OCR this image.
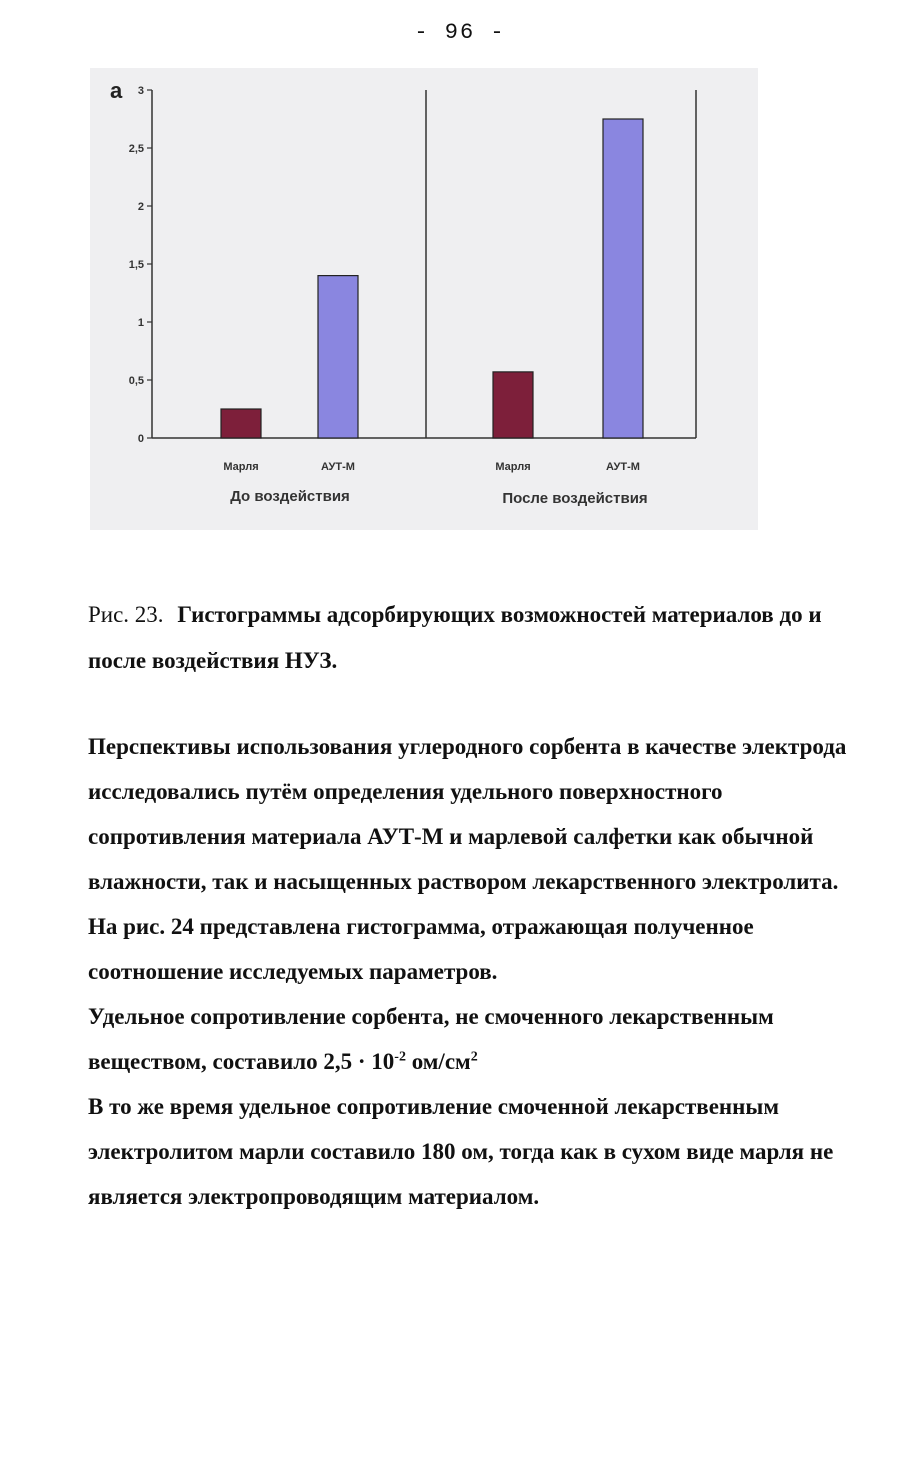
- 96 -
0
0,5
1
1,5
2
2,5
3
Марля	АУТ-М	Марля	АУТ-М
До воздействия	После воздействия
a
Рис. 23. Гистограммы адсорбирующих возможностей материалов до и после воздействия НУЗ.

Перспективы использования углеродного сорбента в качестве электрода исследовались путём определения удельного поверхностного сопротивления материала АУТ-М и марлевой салфетки как обычной влажности, так и насыщенных раствором лекарственного электролита.

На рис. 24 представлена гистограмма, отражающая полученное соотношение исследуемых параметров.

Удельное сопротивление сорбента, не смоченного лекарственным веществом, составило $2,5 \cdot 10^{-2}$ $ом/см^2$

В то же время удельное сопротивление смоченной лекарственным электролитом марли составило 180 ом, тогда как в сухом виде марля не является электропроводящим материалом.
